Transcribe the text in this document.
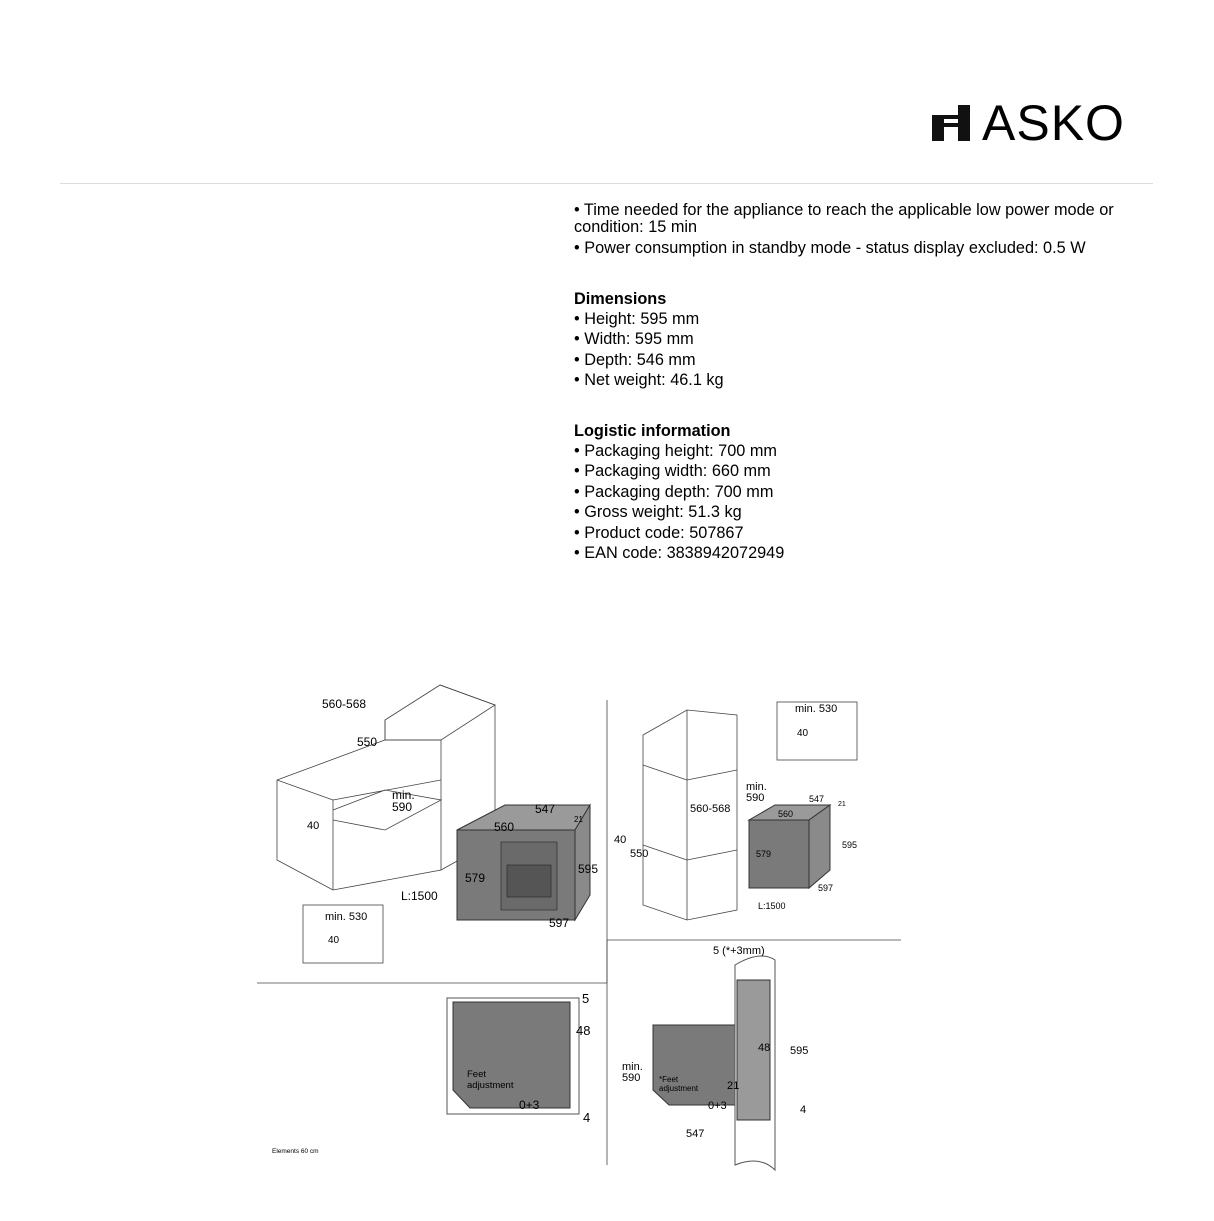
ASKO

• Time needed for the appliance to reach the applicable low power mode or condition: 15 min

• Power consumption in standby mode - status display excluded: 0.5 W

Dimensions

• Height: 595 mm

• Width: 595 mm

• Depth: 546 mm

• Net weight: 46.1 kg

Logistic information

• Packaging height: 700 mm

• Packaging width: 660 mm

• Packaging depth: 700 mm

• Gross weight: 51.3 kg

• Product code: 507867

• EAN code: 3838942072949

560-568
550
min.
590
40
547
560
21
579
595
597
L:1500
min. 530
40
min. 530
40
min.
590
560-568
40
550
547
560
21
579
595
597
L:1500
5
48
4
Feet
adjustment
0+3
5 (*+3mm)
48 595
min.
590	*Feet
adjustment	21
0+3	4
547
Elements 60 cm
